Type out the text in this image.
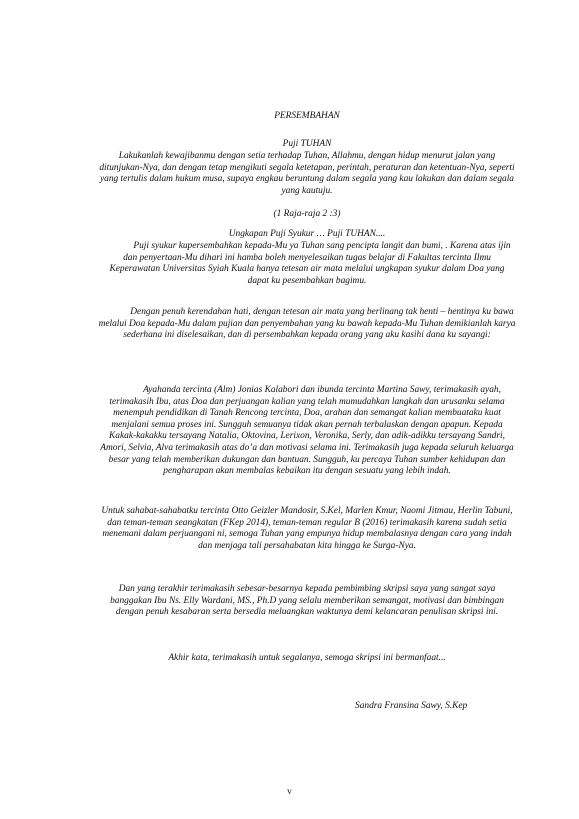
PERSEMBAHAN
Puji TUHAN
Lakukanlah kewajibanmu dengan setia terhadap Tuhan, Allahmu, dengan hidup menurut jalan yang ditunjukan-Nya, dan dengan tetap mengikuti segala ketetapan, perintah, peraturan dan ketentuan-Nya, seperti yang tertulis dalam hukum musa, supaya engkau beruntung dalam segala yang kau lakukan dan dalam segala yang kautuju.
(1 Raja-raja 2 :3)
Ungkapan Puji Syukur … Puji TUHAN....
Puji syukur kupersembahkan kepada-Mu ya Tuhan sang pencipta langit dan bumi, . Karena atas ijin dan penyertaan-Mu dihari ini hamba boleh menyelesaikan tugas belajar di Fakultas tercinta Ilmu Keperawatan Universitas Syiah Kuala hanya tetesan air mata melalui ungkapan syukur dalam Doa yang dapat ku pesembahkan bagimu.
Dengan penuh kerendahan hati, dengan tetesan air mata yang berlinang tak henti – hentinya ku bawa melalui Doa kepada-Mu dalam pujian dan penyembahan yang ku bawah kepada-Mu Tuhan demikianlah karya sederhana ini diselesaikan, dan di persembahkan kepada orang yang aku kasihi dana ku sayangi:
Ayahanda tercinta (Alm) Jonias Kalabori dan ibunda tercinta Martina Sawy, terimakasih ayah, terimakasih Ibu, atas Doa dan perjuangan kalian yang telah mumudahkan langkah dan urusanku selama menempuh pendidikan di Tanah Rencong tercinta, Doa, arahan dan semangat kalian membuataku kuat menjalani semua proses ini. Sungguh semuanya tidak akan pernah terbalaskan dengan apapun. Kepada Kakak-kakakku tersayang Natalia, Oktovina, Lerixon, Veronika, Serly, dan adik-adikku tersayang Sandri, Amori, Selvia, Alva terimakasih atas do’a dan motivasi selama ini. Terimakasih juga kepada seluruh keluarga besar yang telah memberikan dukungan dan bantuan. Sungguh, ku percaya Tuhan sumber kehidupan dan pengharapan akan membalas kebaikan itu dengan sesuatu yang lebih indah.
Untuk sahabat-sahabatku tercinta Otto Geizler Mandosir, S.Kel, Marlen Kmur, Naomi Jitmau, Herlin Tabuni, dan teman-teman seangkatan (FKep 2014), teman-teman regular B (2016) terimakasih karena sudah setia menemani dalam perjuangani ni, semoga Tuhan yang empunya hidup membalasnya dengan cara yang indah dan menjaga tali persahabatan kita hingga ke Surga-Nya.
Dan yang terakhir terimakasih sebesar-besarnya kepada pembimbing skripsi saya yang sangat saya banggakan Ibu Ns. Elly Wardani, MS., Ph.D yang selalu memberikan semangat, motivasi dan bimbingan dengan penuh kesabaran serta bersedia meluangkan waktunya demi kelancaran penulisan skripsi ini.
Akhir kata, terimakasih untuk segalanya, semoga skripsi ini bermanfaat...
Sandra Fransina Sawy, S.Kep
v
